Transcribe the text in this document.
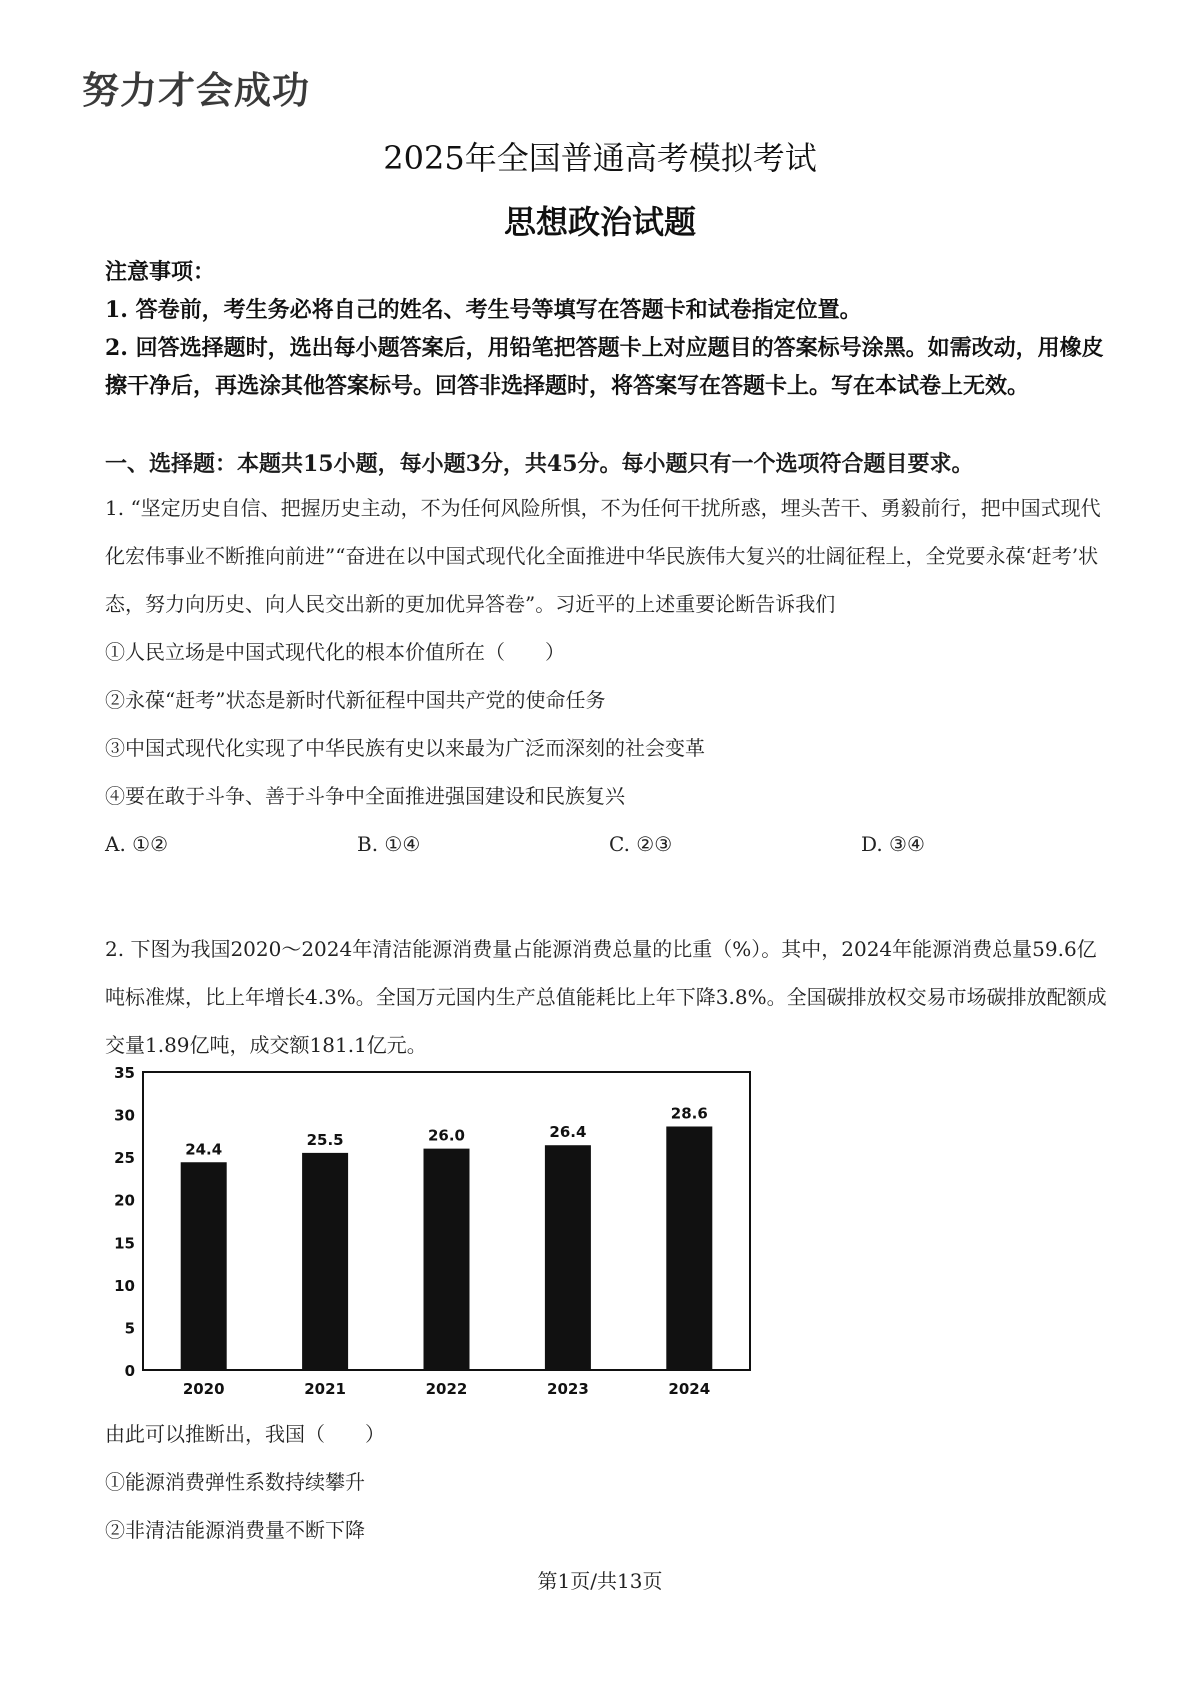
努力才会成功
2025年全国普通高考模拟考试
思想政治试题
注意事项：
1. 答卷前，考生务必将自己的姓名、考生号等填写在答题卡和试卷指定位置。
2. 回答选择题时，选出每小题答案后，用铅笔把答题卡上对应题目的答案标号涂黑。如需改动，用橡皮擦干净后，再选涂其他答案标号。回答非选择题时，将答案写在答题卡上。写在本试卷上无效。
一、选择题：本题共15小题，每小题3分，共45分。每小题只有一个选项符合题目要求。
1. “坚定历史自信、把握历史主动，不为任何风险所惧，不为任何干扰所惑，埋头苦干、勇毅前行，把中国式现代化宏伟事业不断推向前进”“奋进在以中国式现代化全面推进中华民族伟大复兴的壮阔征程上，全党要永葆‘赶考’状态，努力向历史、向人民交出新的更加优异答卷”。习近平的上述重要论断告诉我们
①人民立场是中国式现代化的根本价值所在（　　）
②永葆“赶考”状态是新时代新征程中国共产党的使命任务
③中国式现代化实现了中华民族有史以来最为广泛而深刻的社会变革
④要在敢于斗争、善于斗争中全面推进强国建设和民族复兴
A. ①②	B. ①④	C. ②③	D. ③④
2. 下图为我国2020～2024年清洁能源消费量占能源消费总量的比重（%）。其中，2024年能源消费总量59.6亿吨标准煤，比上年增长4.3%。全国万元国内生产总值能耗比上年下降3.8%。全国碳排放权交易市场碳排放配额成交量1.89亿吨，成交额181.1亿元。
0
5
10
15
20
25
30
35
24.4
2020
25.5
2021
26.0
2022
26.4
2023
28.6
2024
由此可以推断出，我国（　　）
①能源消费弹性系数持续攀升
②非清洁能源消费量不断下降
第1页/共13页
